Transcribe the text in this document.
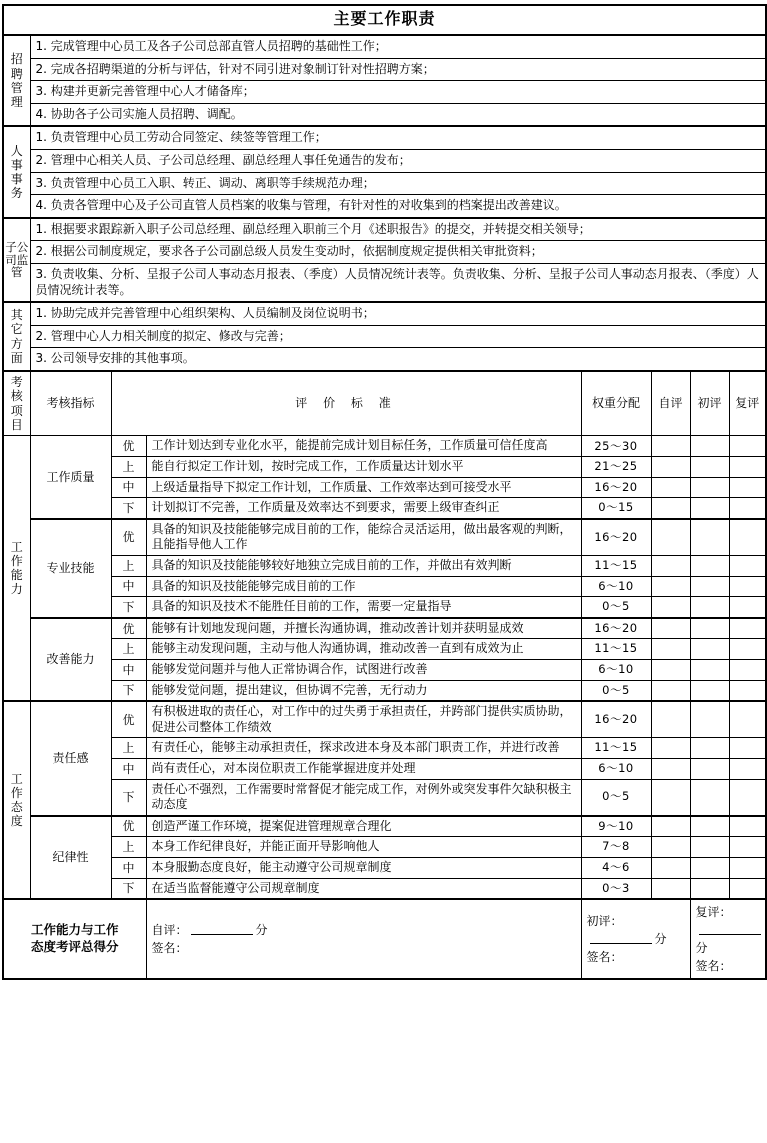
主要工作职责							

招
聘
管
理	1. 完成管理中心员工及各子公司总部直管人员招聘的基础性工作；						
	2. 完成各招聘渠道的分析与评估，针对不同引进对象制订针对性招聘方案；						
	3. 构建并更新完善管理中心人才储备库；						
	4. 协助各子公司实施人员招聘、调配。						

人
事
事
务	1. 负责管理中心员工劳动合同签定、续签等管理工作；						
	2. 管理中心相关人员、子公司总经理、副总经理人事任免通告的发布；						
	3. 负责管理中心员工入职、转正、调动、离职等手续规范办理；						
	4. 负责各管理中心及子公司直管人员档案的收集与管理，有针对性的对收集到的档案提出改善建议。						

子公
司监
管	1. 根据要求跟踪新入职子公司总经理、副总经理入职前三个月《述职报告》的提交，并转提交相关领导；						
	2. 根据公司制度规定，要求各子公司副总级人员发生变动时，依据制度规定提供相关审批资料；						
	3. 负责收集、分析、呈报子公司人事动态月报表、（季度）人员情况统计表等。负责收集、分析、呈报子公司人事动态月报表、（季度）人员情况统计表等。						

其
它
方
面	1. 协助完成并完善管理中心组织架构、人员编制及岗位说明书；						
	2. 管理中心人力相关制度的拟定、修改与完善；						
	3. 公司领导安排的其他事项。						

考核
项目	考核指标	评 价 标 准		权重分配	自评	初评	复评

工
作
能
力	工作质量	优	工作计划达到专业化水平，能提前完成计划目标任务，工作质量可信任度高	25～30			
		上	能自行拟定工作计划，按时完成工作，工作质量达计划水平	21～25			
		中	上级适量指导下拟定工作计划，工作质量、工作效率达到可接受水平	16～20			
		下	计划拟订不完善，工作质量及效率达不到要求，需要上级审查纠正	0～15			
	专业技能	优	具备的知识及技能能够完成目前的工作，能综合灵活运用，做出最客观的判断，且能指导他人工作	16～20			
		上	具备的知识及技能能够较好地独立完成目前的工作，并做出有效判断	11～15			
		中	具备的知识及技能能够完成目前的工作	6～10			
		下	具备的知识及技术不能胜任目前的工作，需要一定量指导	0～5			
	改善能力	优	能够有计划地发现问题，并擅长沟通协调，推动改善计划并获明显成效	16～20			
		上	能够主动发现问题，主动与他人沟通协调，推动改善一直到有成效为止	11～15			
		中	能够发觉问题并与他人正常协调合作，试图进行改善	6～10			
		下	能够发觉问题，提出建议，但协调不完善，无行动力	0～5			

工
作
态
度	责任感	优	有积极进取的责任心，对工作中的过失勇于承担责任，并跨部门提供实质协助，促进公司整体工作绩效	16～20			
		上	有责任心，能够主动承担责任，探求改进本身及本部门职责工作，并进行改善	11～15			
		中	尚有责任心，对本岗位职责工作能掌握进度并处理	6～10			
		下	责任心不强烈，工作需要时常督促才能完成工作，对例外或突发事件欠缺积极主动态度	0～5			
	纪律性	优	创造严谨工作环境，提案促进管理规章合理化	9～10			
		上	本身工作纪律良好，并能正面开导影响他人	7～8			
		中	本身服勤态度良好，能主动遵守公司规章制度	4～6			
		下	在适当监督能遵守公司规章制度	0～3			

工作能力与工作
态度考评总得分
	自评：	分
签名：
	初评：分
签名：
	复评：分
签名：
